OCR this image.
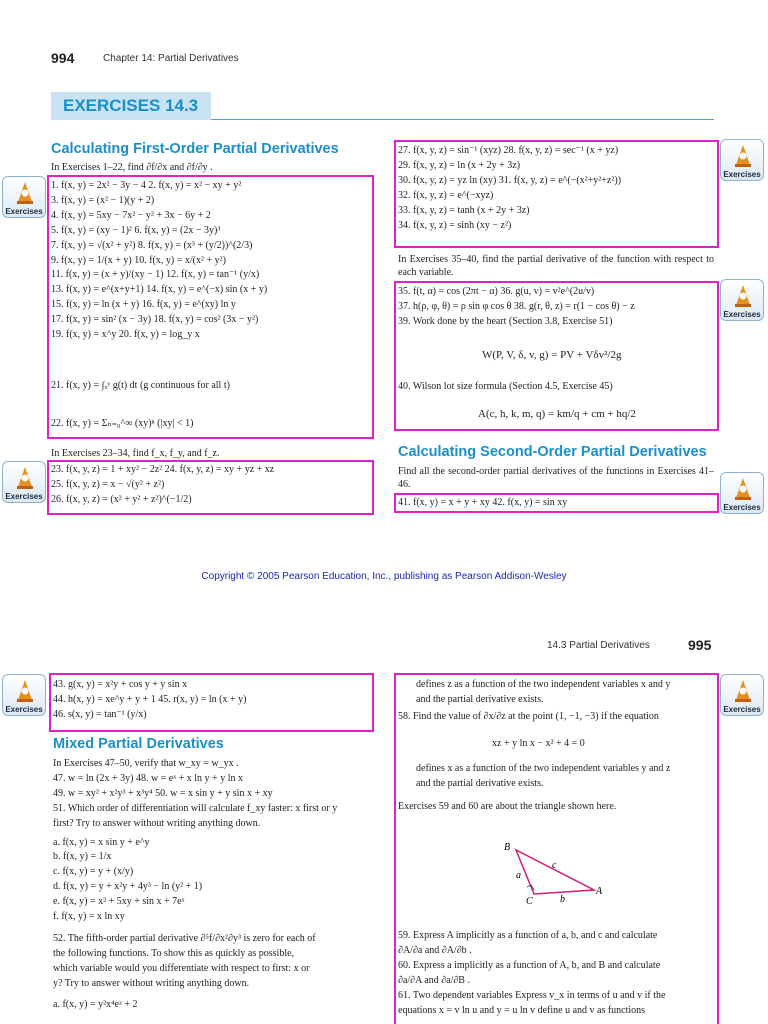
994	Chapter 14: Partial Derivatives
EXERCISES 14.3
Calculating First-Order Partial Derivatives
In Exercises 1–22, find ∂f/∂x and ∂f/∂y .
1. f(x, y) = 2x² − 3y − 4 2. f(x, y) = x² − xy + y²
3. f(x, y) = (x² − 1)(y + 2)
4. f(x, y) = 5xy − 7x² − y² + 3x − 6y + 2
5. f(x, y) = (xy − 1)² 6. f(x, y) = (2x − 3y)³
7. f(x, y) = √(x² + y²) 8. f(x, y) = (x³ + (y/2))^(2/3)
9. f(x, y) = 1/(x + y) 10. f(x, y) = x/(x² + y²)
11. f(x, y) = (x + y)/(xy − 1) 12. f(x, y) = tan⁻¹ (y/x)
13. f(x, y) = e^(x+y+1) 14. f(x, y) = e^(−x) sin (x + y)
15. f(x, y) = ln (x + y) 16. f(x, y) = e^(xy) ln y
17. f(x, y) = sin² (x − 3y) 18. f(x, y) = cos² (3x − y²)
19. f(x, y) = x^y 20. f(x, y) = log_y x
21. f(x, y) = ∫ₓʸ g(t) dt (g continuous for all t)
22. f(x, y) = Σₙ₌₀^∞ (xy)ⁿ (|xy| < 1)
In Exercises 23–34, find f_x, f_y, and f_z.
23. f(x, y, z) = 1 + xy² − 2z² 24. f(x, y, z) = xy + yz + xz
25. f(x, y, z) = x − √(y² + z²)
26. f(x, y, z) = (x² + y² + z²)^(−1/2)
27. f(x, y, z) = sin⁻¹ (xyz) 28. f(x, y, z) = sec⁻¹ (x + yz)
29. f(x, y, z) = ln (x + 2y + 3z)
30. f(x, y, z) = yz ln (xy) 31. f(x, y, z) = e^(−(x²+y²+z²))
32. f(x, y, z) = e^(−xyz)
33. f(x, y, z) = tanh (x + 2y + 3z)
34. f(x, y, z) = sinh (xy − z²)
In Exercises 35–40, find the partial derivative of the function with respect to each variable.
35. f(t, α) = cos (2πt − α) 36. g(u, v) = v²e^(2u/v)
37. h(ρ, φ, θ) = ρ sin φ cos θ 38. g(r, θ, z) = r(1 − cos θ) − z
39. Work done by the heart (Section 3.8, Exercise 51)
W(P, V, δ, v, g) = PV + Vδv²/2g
40. Wilson lot size formula (Section 4.5, Exercise 45)
A(c, h, k, m, q) = km/q + cm + hq/2
Calculating Second-Order Partial Derivatives
Find all the second-order partial derivatives of the functions in Exercises 41–46.
41. f(x, y) = x + y + xy 42. f(x, y) = sin xy
Copyright © 2005 Pearson Education, Inc., publishing as Pearson Addison-Wesley
14.3 Partial Derivatives	995
43. g(x, y) = x²y + cos y + y sin x
44. h(x, y) = xe^y + y + 1 45. r(x, y) = ln (x + y)
46. s(x, y) = tan⁻¹ (y/x)
Mixed Partial Derivatives
In Exercises 47–50, verify that w_xy = w_yx .
47. w = ln (2x + 3y) 48. w = eˣ + x ln y + y ln x
49. w = xy² + x²y³ + x³y⁴ 50. w = x sin y + y sin x + xy
51. Which order of differentiation will calculate f_xy faster: x first or y
first? Try to answer without writing anything down.
a. f(x, y) = x sin y + e^y
b. f(x, y) = 1/x
c. f(x, y) = y + (x/y)
d. f(x, y) = y + x²y + 4y³ − ln (y² + 1)
e. f(x, y) = x² + 5xy + sin x + 7eˣ
f. f(x, y) = x ln xy
52. The fifth-order partial derivative ∂⁵f/∂x²∂y³ is zero for each of
the following functions. To show this as quickly as possible,
which variable would you differentiate with respect to first: x or
y? Try to answer without writing anything down.
a. f(x, y) = y²x⁴eˣ + 2
defines z as a function of the two independent variables x and y
and the partial derivative exists.
58. Find the value of ∂x/∂z at the point (1, −1, −3) if the equation
xz + y ln x − x² + 4 = 0
defines x as a function of the two independent variables y and z
and the partial derivative exists.
Exercises 59 and 60 are about the triangle shown here.
B
c
a
C	b
A
59. Express A implicitly as a function of a, b, and c and calculate
∂A/∂a and ∂A/∂b .
60. Express a implicitly as a function of A, b, and B and calculate
∂a/∂A and ∂a/∂B .
61. Two dependent variables Express v_x in terms of u and v if the
equations x = v ln u and y = u ln v define u and v as functions
Exercises
Exercises
Exercises
Exercises
Exercises
Exercises	Exercises
